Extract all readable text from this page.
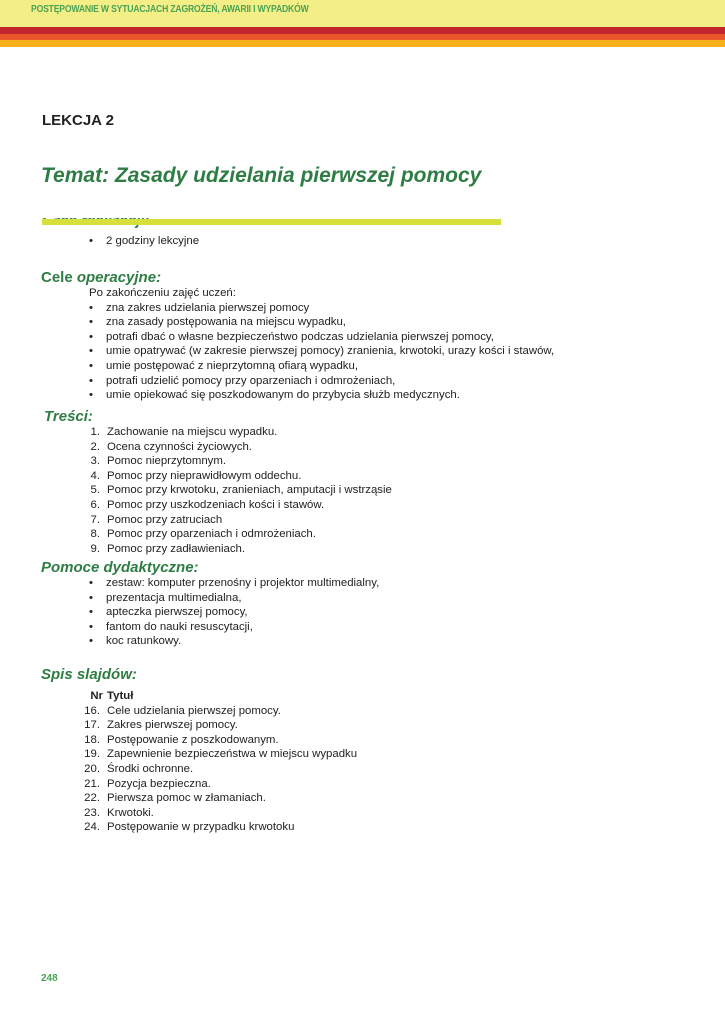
POSTĘPOWANIE W SYTUACJACH ZAGROŻEŃ, AWARII I WYPADKÓW
LEKCJA 2
Temat: Zasady udzielania pierwszej pomocy
• 2 godziny lekcyjne
Cele operacyjne:
Po zakończeniu zajęć uczeń:
• zna zakres udzielania pierwszej pomocy
• zna zasady postępowania na miejscu wypadku,
• potrafi dbać o własne bezpieczeństwo podczas udzielania pierwszej pomocy,
• umie opatrywać (w zakresie pierwszej pomocy) zranienia, krwotoki, urazy kości i stawów,
• umie postępować z nieprzytomną ofiarą wypadku,
• potrafi udzielić pomocy przy oparzeniach i odmrożeniach,
• umie opiekować się poszkodowanym do przybycia służb medycznych.
Treści:
1. Zachowanie na miejscu wypadku.
2. Ocena czynności życiowych.
3. Pomoc nieprzytomnym.
4. Pomoc przy nieprawidłowym oddechu.
5. Pomoc przy krwotoku, zranieniach, amputacji i wstrząsie
6. Pomoc przy uszkodzeniach kości i stawów.
7. Pomoc przy zatruciach
8. Pomoc przy oparzeniach i odmrożeniach.
9. Pomoc przy zadławieniach.
Pomoce dydaktyczne:
• zestaw: komputer przenośny i projektor multimedialny,
• prezentacja multimedialna,
• apteczka pierwszej pomocy,
• fantom do nauki resuscytacji,
• koc ratunkowy.
Spis slajdów:
Nr Tytuł
16. Cele udzielania pierwszej pomocy.
17. Zakres pierwszej pomocy.
18. Postępowanie z poszkodowanym.
19. Zapewnienie bezpieczeństwa w miejscu wypadku
20. Środki ochronne.
21. Pozycja bezpieczna.
22. Pierwsza pomoc w złamaniach.
23. Krwotoki.
24. Postępowanie w przypadku krwotoku
248
